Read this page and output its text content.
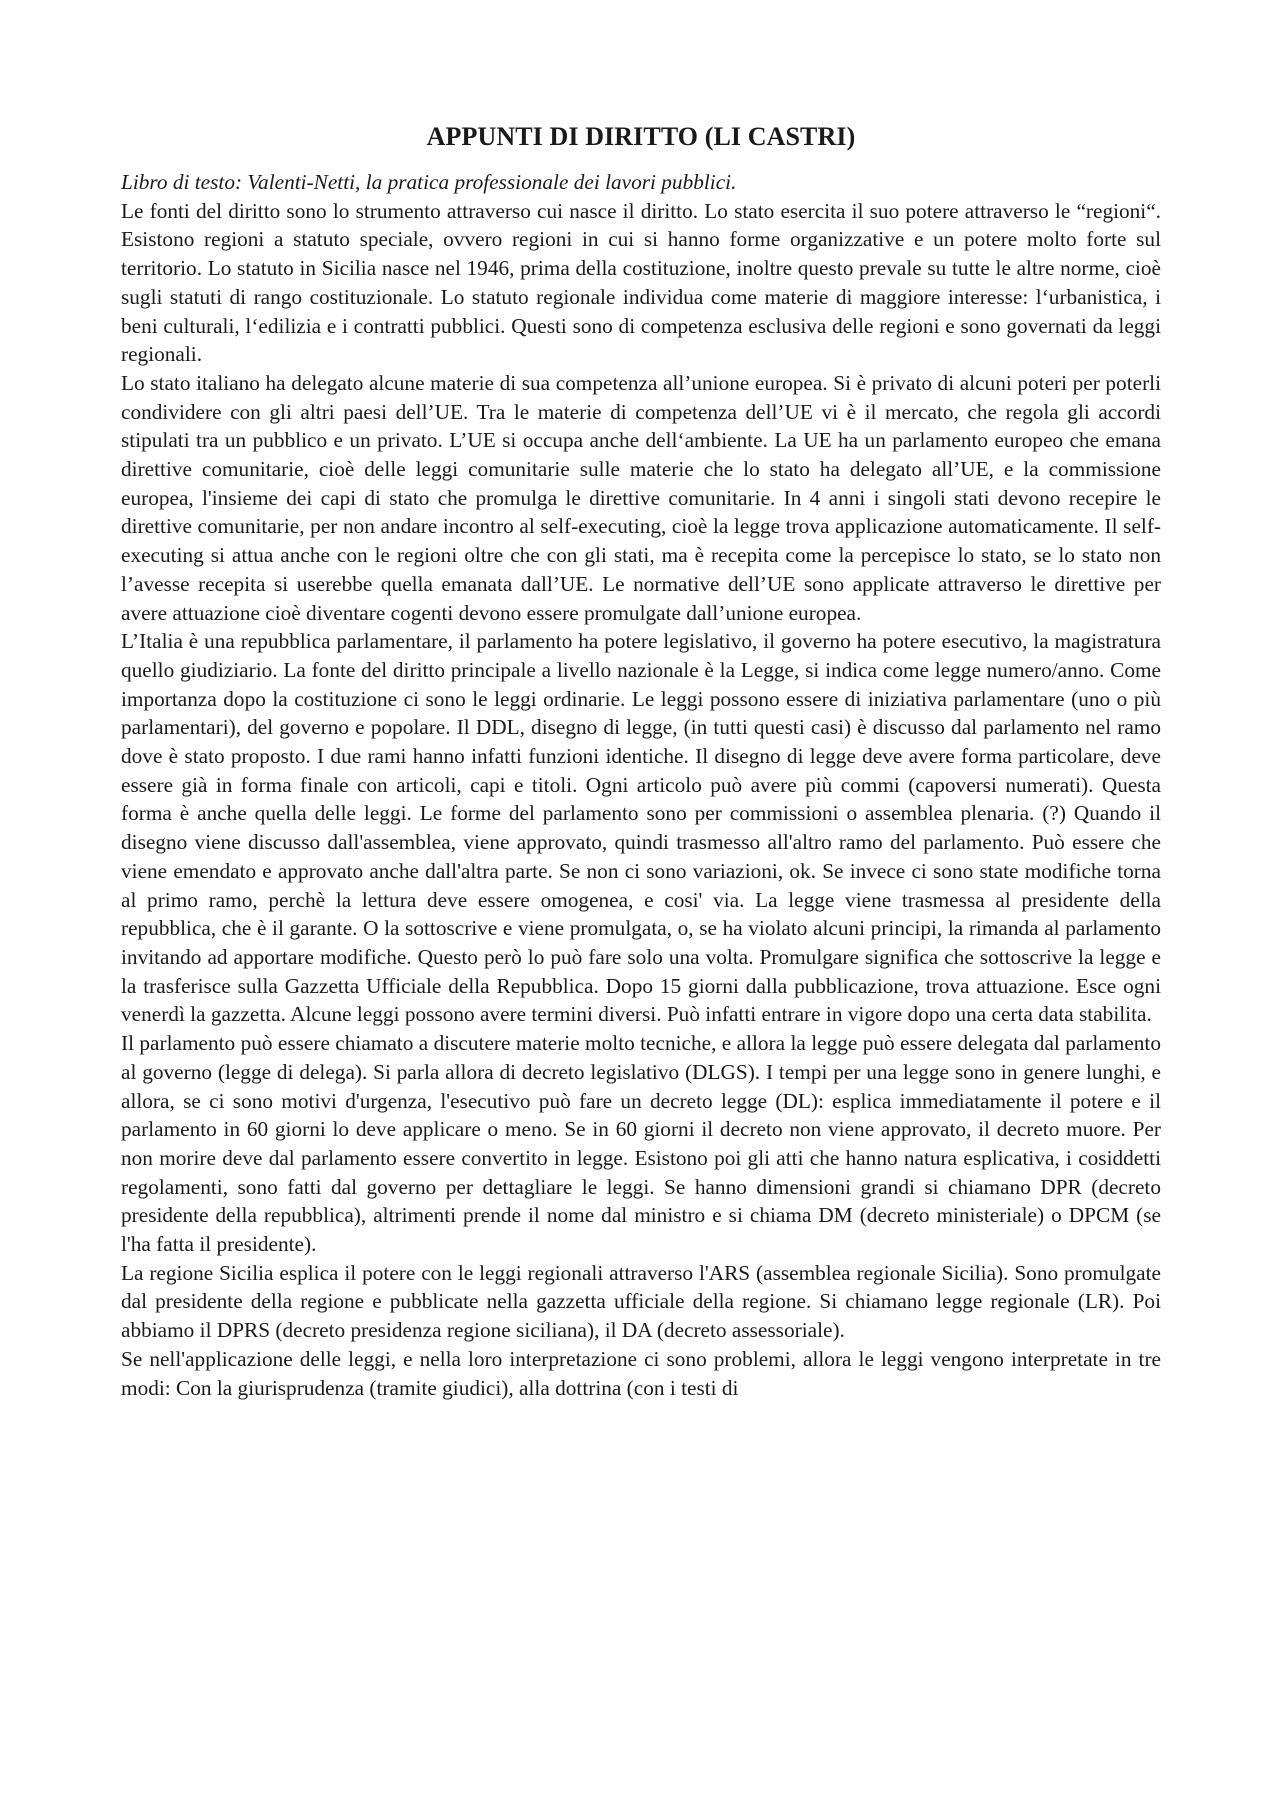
APPUNTI DI DIRITTO (LI CASTRI)

Libro di testo: Valenti-Netti, la pratica professionale dei lavori pubblici.

Le fonti del diritto sono lo strumento attraverso cui nasce il diritto. Lo stato esercita il suo potere attraverso le “regioni“. Esistono regioni a statuto speciale, ovvero regioni in cui si hanno forme organizzative e un potere molto forte sul territorio. Lo statuto in Sicilia nasce nel 1946, prima della costituzione, inoltre questo prevale su tutte le altre norme, cioè sugli statuti di rango costituzionale. Lo statuto regionale individua come materie di maggiore interesse: l‘urbanistica, i beni culturali, l‘edilizia e i contratti pubblici. Questi sono di competenza esclusiva delle regioni e sono governati da leggi regionali.

Lo stato italiano ha delegato alcune materie di sua competenza all’unione europea. Si è privato di alcuni poteri per poterli condividere con gli altri paesi dell’UE. Tra le materie di competenza dell’UE vi è il mercato, che regola gli accordi stipulati tra un pubblico e un privato. L’UE si occupa anche dell‘ambiente. La UE ha un parlamento europeo che emana direttive comunitarie, cioè delle leggi comunitarie sulle materie che lo stato ha delegato all’UE, e la commissione europea, l'insieme dei capi di stato che promulga le direttive comunitarie. In 4 anni i singoli stati devono recepire le direttive comunitarie, per non andare incontro al self-executing, cioè la legge trova applicazione automaticamente. Il self-executing si attua anche con le regioni oltre che con gli stati, ma è recepita come la percepisce lo stato, se lo stato non l’avesse recepita si userebbe quella emanata dall’UE. Le normative dell’UE sono applicate attraverso le direttive per avere attuazione cioè diventare cogenti devono essere promulgate dall’unione europea.

L’Italia è una repubblica parlamentare, il parlamento ha potere legislativo, il governo ha potere esecutivo, la magistratura quello giudiziario. La fonte del diritto principale a livello nazionale è la Legge, si indica come legge numero/anno. Come importanza dopo la costituzione ci sono le leggi ordinarie. Le leggi possono essere di iniziativa parlamentare (uno o più parlamentari), del governo e popolare. Il DDL, disegno di legge, (in tutti questi casi) è discusso dal parlamento nel ramo dove è stato proposto. I due rami hanno infatti funzioni identiche. Il disegno di legge deve avere forma particolare, deve essere già in forma finale con articoli, capi e titoli. Ogni articolo può avere più commi (capoversi numerati). Questa forma è anche quella delle leggi. Le forme del parlamento sono per commissioni o assemblea plenaria. (?) Quando il disegno viene discusso dall'assemblea, viene approvato, quindi trasmesso all'altro ramo del parlamento. Può essere che viene emendato e approvato anche dall'altra parte. Se non ci sono variazioni, ok. Se invece ci sono state modifiche torna al primo ramo, perchè la lettura deve essere omogenea, e cosi' via. La legge viene trasmessa al presidente della repubblica, che è il garante. O la sottoscrive e viene promulgata, o, se ha violato alcuni principi, la rimanda al parlamento invitando ad apportare modifiche. Questo però lo può fare solo una volta. Promulgare significa che sottoscrive la legge e la trasferisce sulla Gazzetta Ufficiale della Repubblica. Dopo 15 giorni dalla pubblicazione, trova attuazione. Esce ogni venerdì la gazzetta. Alcune leggi possono avere termini diversi. Può infatti entrare in vigore dopo una certa data stabilita.

Il parlamento può essere chiamato a discutere materie molto tecniche, e allora la legge può essere delegata dal parlamento al governo (legge di delega). Si parla allora di decreto legislativo (DLGS). I tempi per una legge sono in genere lunghi, e allora, se ci sono motivi d'urgenza, l'esecutivo può fare un decreto legge (DL): esplica immediatamente il potere e il parlamento in 60 giorni lo deve applicare o meno. Se in 60 giorni il decreto non viene approvato, il decreto muore. Per non morire deve dal parlamento essere convertito in legge. Esistono poi gli atti che hanno natura esplicativa, i cosiddetti regolamenti, sono fatti dal governo per dettagliare le leggi. Se hanno dimensioni grandi si chiamano DPR (decreto presidente della repubblica), altrimenti prende il nome dal ministro e si chiama DM (decreto ministeriale) o DPCM (se l'ha fatta il presidente).

La regione Sicilia esplica il potere con le leggi regionali attraverso l'ARS (assemblea regionale Sicilia). Sono promulgate dal presidente della regione e pubblicate nella gazzetta ufficiale della regione. Si chiamano legge regionale (LR). Poi abbiamo il DPRS (decreto presidenza regione siciliana), il DA (decreto assessoriale).

Se nell'applicazione delle leggi, e nella loro interpretazione ci sono problemi, allora le leggi vengono interpretate in tre modi: Con la giurisprudenza (tramite giudici), alla dottrina (con i testi di
